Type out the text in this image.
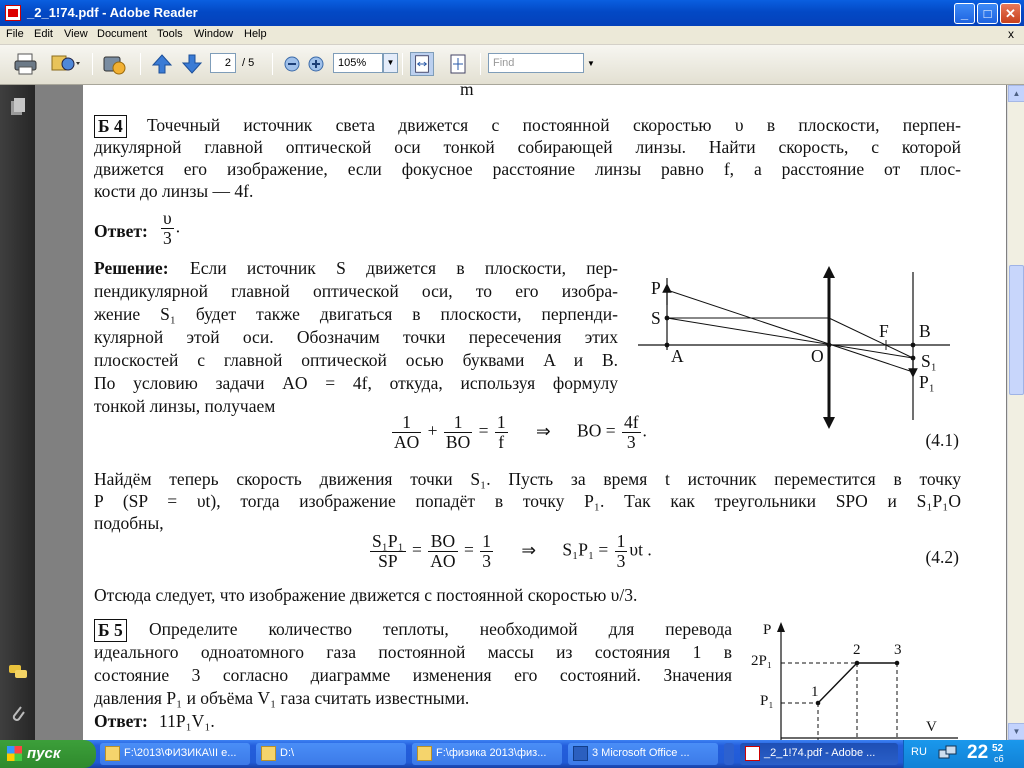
_2_1!74.pdf - Adobe Reader	_	□	✕
File Edit View Document Tools Window Help	x
2	/ 5	105%	▼	Find	▼
m
Б 4 Точечный источник света движется с постоянной скоростью υ в плоскости, перпен-
дикулярной главной оптической оси тонкой собирающей линзы. Найти скорость, с которой
движется его изображение, если фокусное расстояние линзы равно f, а расстояние от плос-
кости до линзы — 4f.
Ответ: $\frac{\upsilon}{3}$ .
Решение: Если источник S движется в плоскости, пер-
пендикулярной главной оптической оси, то его изобра-
жение S₁ будет также двигаться в плоскости, перпенди-
кулярной этой оси. Обозначим точки пересечения этих
плоскостей с главной оптической осью буквами A и B.
По условию задачи AO = 4f, откуда, используя формулу
тонкой линзы, получаем
P
S
A	O
F B
S₁
P₁
$\frac{1}{AO} + \frac{1}{BO} = \frac{1}{f}$ ⇒ BO = $\frac{4f}{3}$ .	(4.1)
Найдём теперь скорость движения точки S₁. Пусть за время t источник переместится в точку
P (SP = υt), тогда изображение попадёт в точку P₁. Так как треугольники SPO и S₁P₁O
подобны,
$\frac{\text{S₁P₁}}{SP} = \frac{BO}{AO} = \frac{1}{3}$ ⇒ $S_1P_1 = \frac{1}{3}$ υt .	(4.2)
Отсюда следует, что изображение движется с постоянной скоростью υ/3.
Б 5 Определите количество теплоты, необходимой для перевода
идеального одноатомного газа постоянной массы из состояния 1 в
состояние 3 согласно диаграмме изменения его состояний. Значения
давления P₁ и объёма V₁ газа считать известными.
Ответ: 11P₁V₁.
P
2P₁
P₁
V
1
2 3
▲
▼
пуск	F:\2013\ФИЗИКА\II е...	D:\	F:\физика 2013\физ...	3 Microsoft Office ...	_2_1!74.pdf - Adobe ...	RU 22 52
сб
